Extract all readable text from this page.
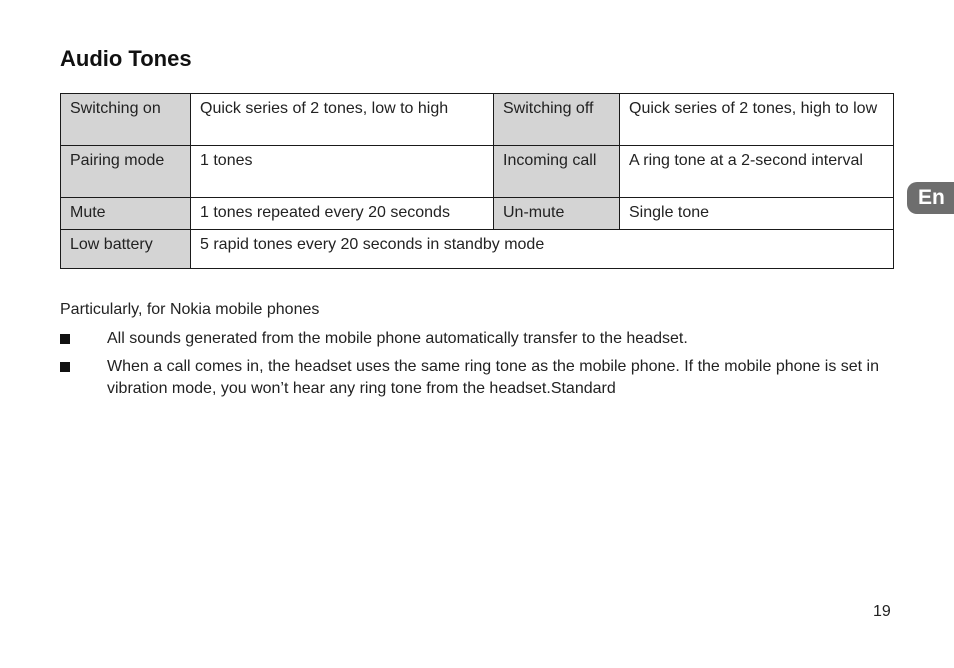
Audio Tones
Switching on	Quick series of 2 tones, low to high	Switching off	Quick series of 2 tones, high to low
Pairing mode	1 tones	Incoming call	A ring tone at a 2-second interval
Mute	1 tones repeated every 20 seconds	Un-mute	Single tone
Low battery	5 rapid tones every 20 seconds in standby mode		
Particularly, for Nokia mobile phones
All sounds generated from the mobile phone automatically transfer to the headset.
When a call comes in, the headset uses the same ring tone as the mobile phone. If the mobile phone is set in vibration mode, you won’t hear any ring tone from the headset.Standard
En
19
